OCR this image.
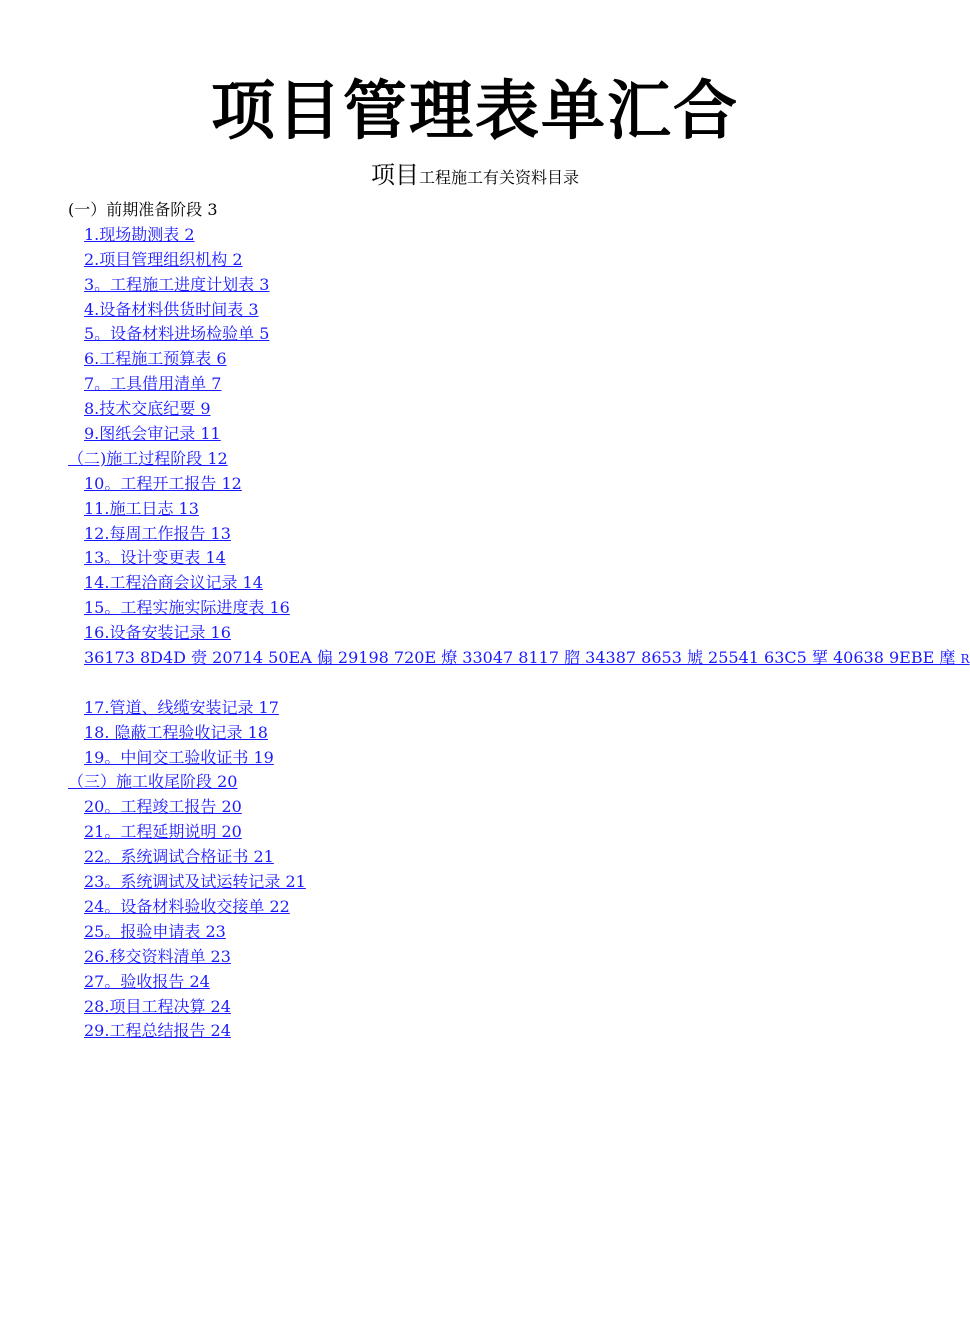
项目管理表单汇合
项目工程施工有关资料目录
(一）前期准备阶段 3
1.现场勘测表 2
2.项目管理组织机构 2
3。工程施工进度计划表 3
4.设备材料供货时间表 3
5。设备材料进场检验单 5
6.工程施工预算表 6
7。工具借用清单 7
8.技术交底纪要 9
9.图纸会审记录 11
（二)施工过程阶段 12
10。工程开工报告 12
11.施工日志 13
12.每周工作报告 13
13。设计变更表 14
14.工程洽商会议记录 14
15。工程实施实际进度表 16
16.设备安装记录 16
36173 8D4D 赍 20714 50EA 傓 29198 720E 燎 33047 8117 脗 34387 8653 虓 25541 63C5 揅 40638 9EBE 麾 R
17.管道、线缆安装记录 17
18. 隐蔽工程验收记录 18
19。中间交工验收证书 19
（三）施工收尾阶段 20
20。工程竣工报告 20
21。工程延期说明 20
22。系统调试合格证书 21
23。系统调试及试运转记录 21
24。设备材料验收交接单 22
25。报验申请表 23
26.移交资料清单 23
27。验收报告 24
28.项目工程决算 24
29.工程总结报告 24
